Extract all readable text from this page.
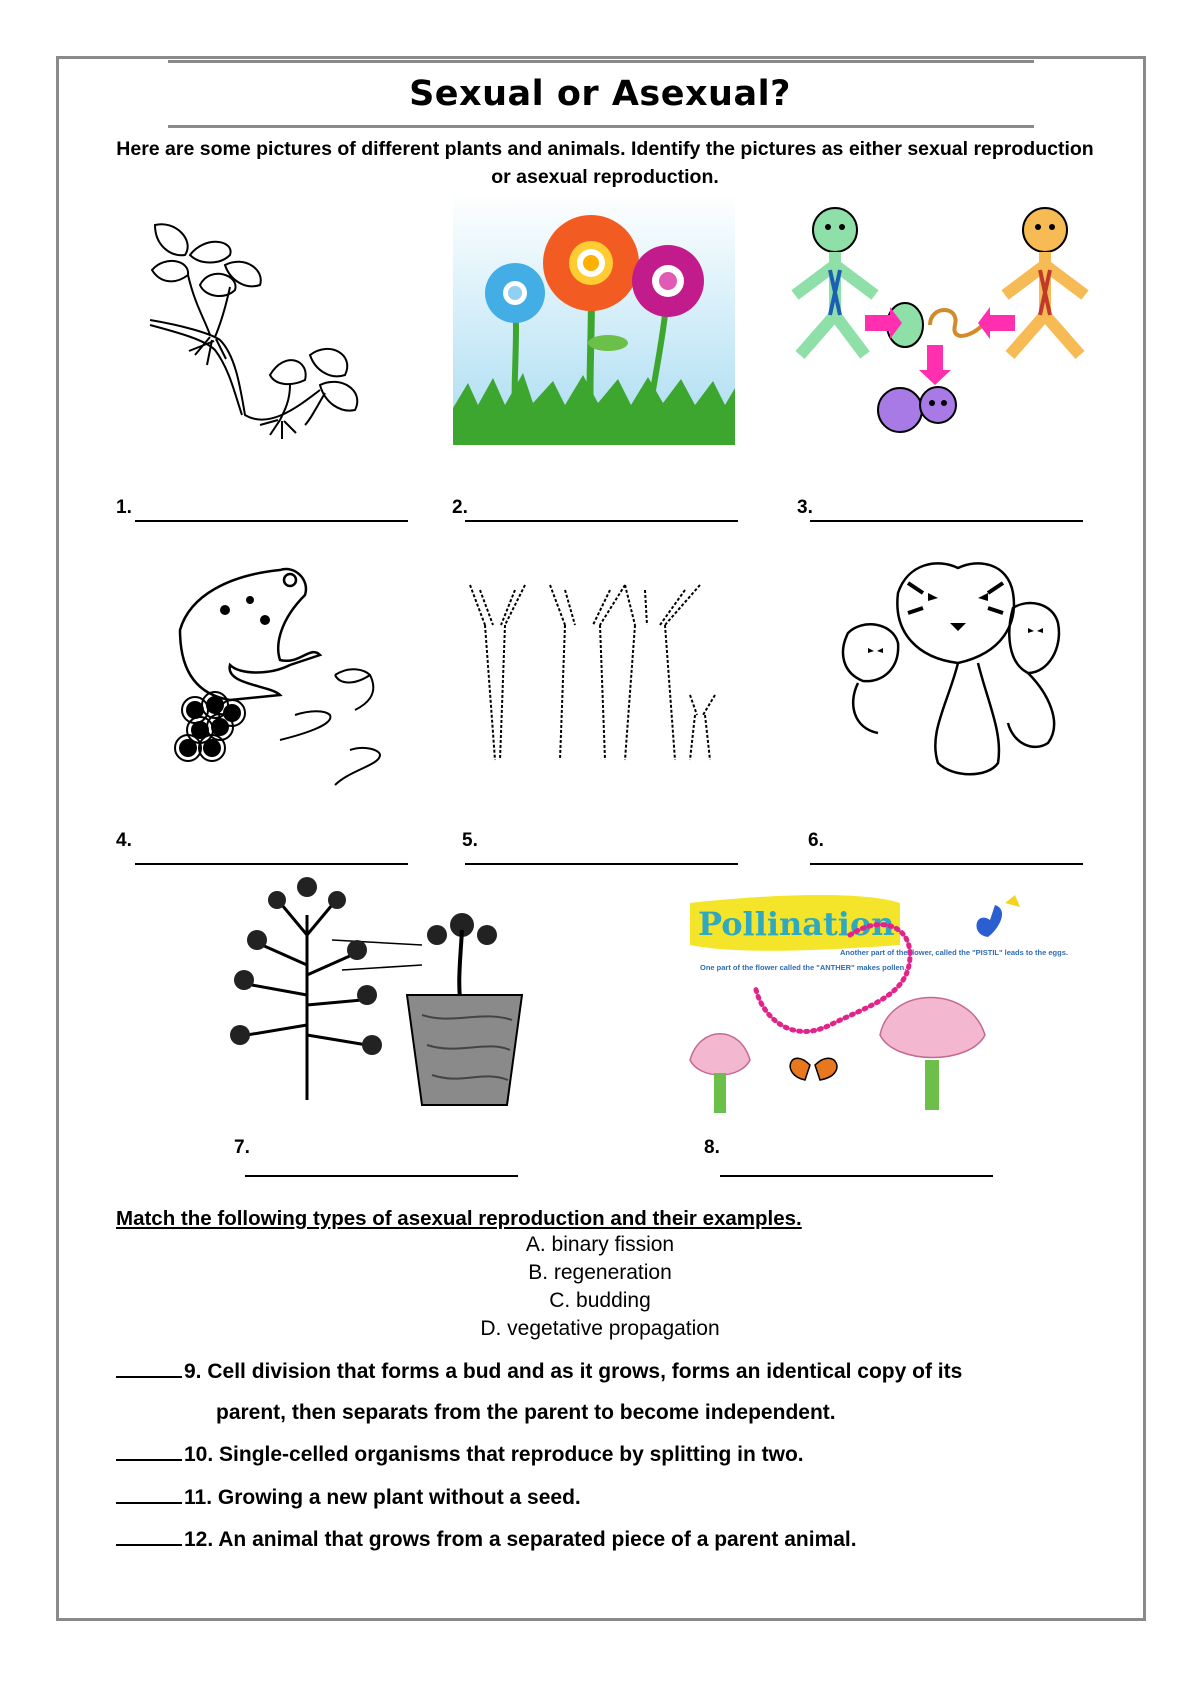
Sexual or Asexual?
Here are some pictures of different plants and animals. Identify the pictures as either sexual reproduction or asexual reproduction.
Pollination
One part of the flower called the "ANTHER" makes pollen.
Another part of the flower, called the "PISTIL" leads to the eggs.
1.	2.	3.
4.	5.	6.
7.	8.
Match the following types of asexual reproduction and their examples.
A. binary fission
B. regeneration
C. budding
D. vegetative propagation
9. Cell division that forms a bud and as it grows, forms an identical copy of its
parent, then separats from the parent to become independent.
10. Single-celled organisms that reproduce by splitting in two.
11. Growing a new plant without a seed.
12. An animal that grows from a separated piece of a parent animal.
